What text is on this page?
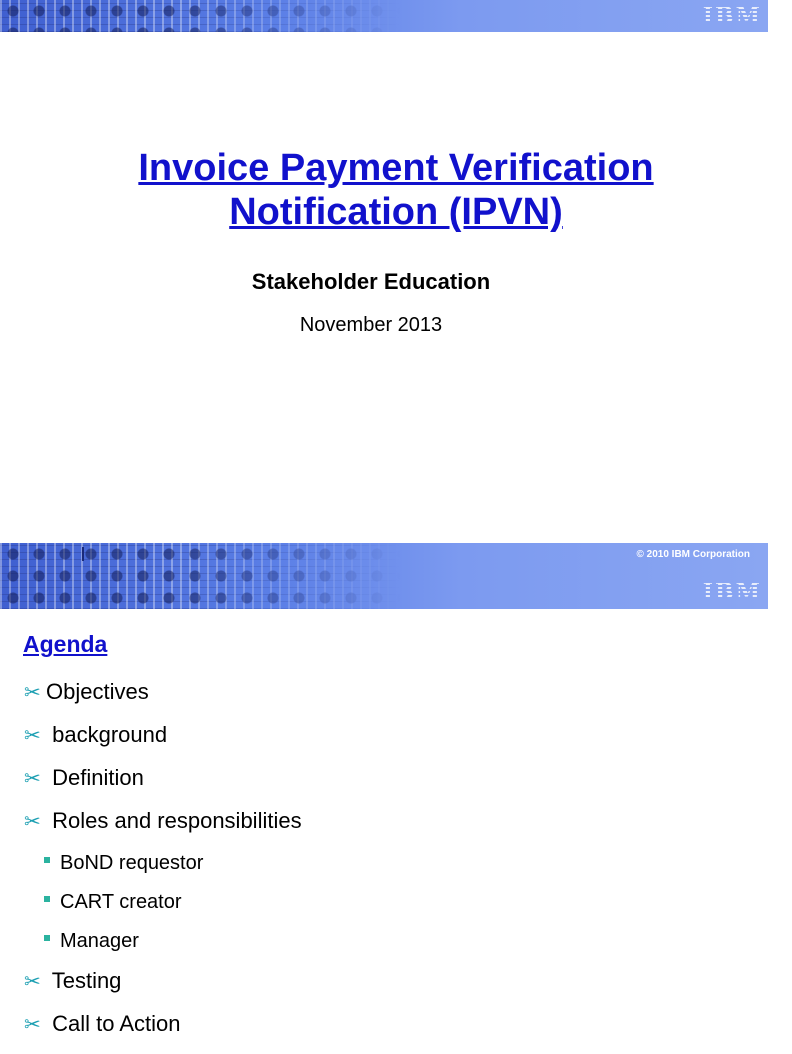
IBM
Invoice Payment Verification
Notification (IPVN)
Stakeholder Education
November 2013
© 2010 IBM Corporation
IBM
Agenda
✂ Objectives
✂ background
✂ Definition
✂ Roles and responsibilities
BoND requestor
CART creator
Manager
✂ Testing
✂ Call to Action
